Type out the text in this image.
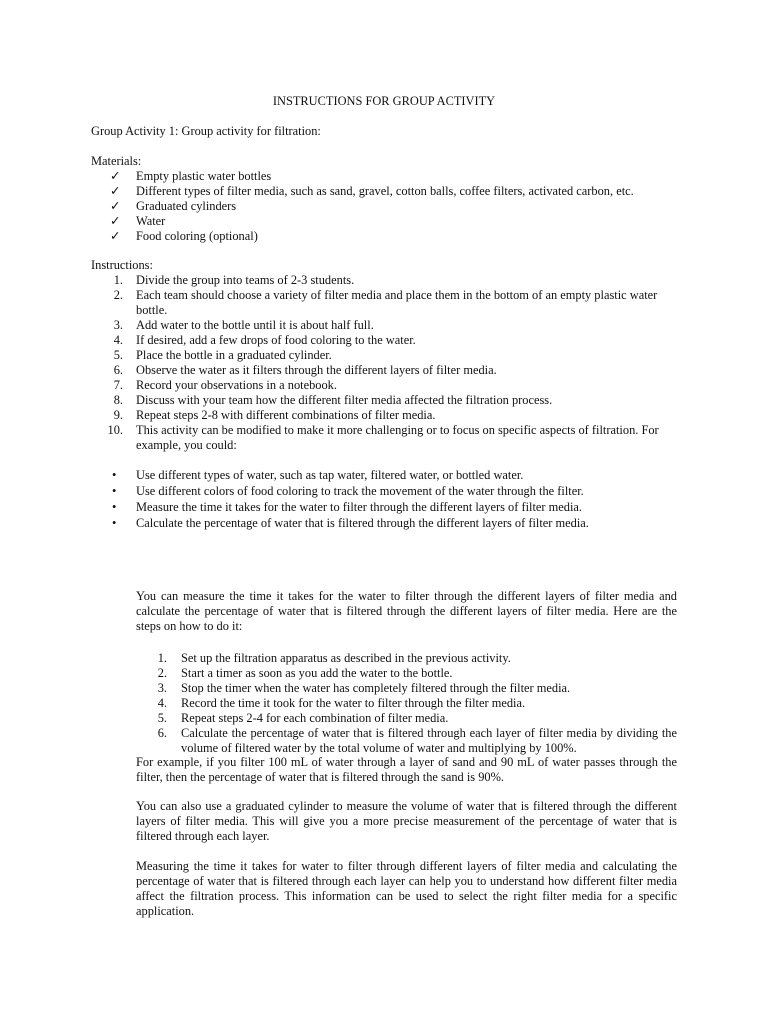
INSTRUCTIONS FOR GROUP ACTIVITY
Group Activity 1: Group activity for filtration:
Materials:
✓	Empty plastic water bottles
✓	Different types of filter media, such as sand, gravel, cotton balls, coffee filters, activated carbon, etc.
✓	Graduated cylinders
✓	Water
✓	Food coloring (optional)
Instructions:
1. Divide the group into teams of 2-3 students.
2. Each team should choose a variety of filter media and place them in the bottom of an empty plastic water bottle.
3. Add water to the bottle until it is about half full.
4. If desired, add a few drops of food coloring to the water.
5. Place the bottle in a graduated cylinder.
6. Observe the water as it filters through the different layers of filter media.
7. Record your observations in a notebook.
8. Discuss with your team how the different filter media affected the filtration process.
9. Repeat steps 2-8 with different combinations of filter media.
10. This activity can be modified to make it more challenging or to focus on specific aspects of filtration. For example, you could:
• Use different types of water, such as tap water, filtered water, or bottled water.
• Use different colors of food coloring to track the movement of the water through the filter.
• Measure the time it takes for the water to filter through the different layers of filter media.
• Calculate the percentage of water that is filtered through the different layers of filter media.

You can measure the time it takes for the water to filter through the different layers of filter media and calculate the percentage of water that is filtered through the different layers of filter media. Here are the steps on how to do it:

1. Set up the filtration apparatus as described in the previous activity.
2. Start a timer as soon as you add the water to the bottle.
3. Stop the timer when the water has completely filtered through the filter media.
4. Record the time it took for the water to filter through the filter media.
5. Repeat steps 2-4 for each combination of filter media.
6. Calculate the percentage of water that is filtered through each layer of filter media by dividing the volume of filtered water by the total volume of water and multiplying by 100%.

For example, if you filter 100 mL of water through a layer of sand and 90 mL of water passes through the filter, then the percentage of water that is filtered through the sand is 90%.

You can also use a graduated cylinder to measure the volume of water that is filtered through the different layers of filter media. This will give you a more precise measurement of the percentage of water that is filtered through each layer.

Measuring the time it takes for water to filter through different layers of filter media and calculating the percentage of water that is filtered through each layer can help you to understand how different filter media affect the filtration process. This information can be used to select the right filter media for a specific application.
